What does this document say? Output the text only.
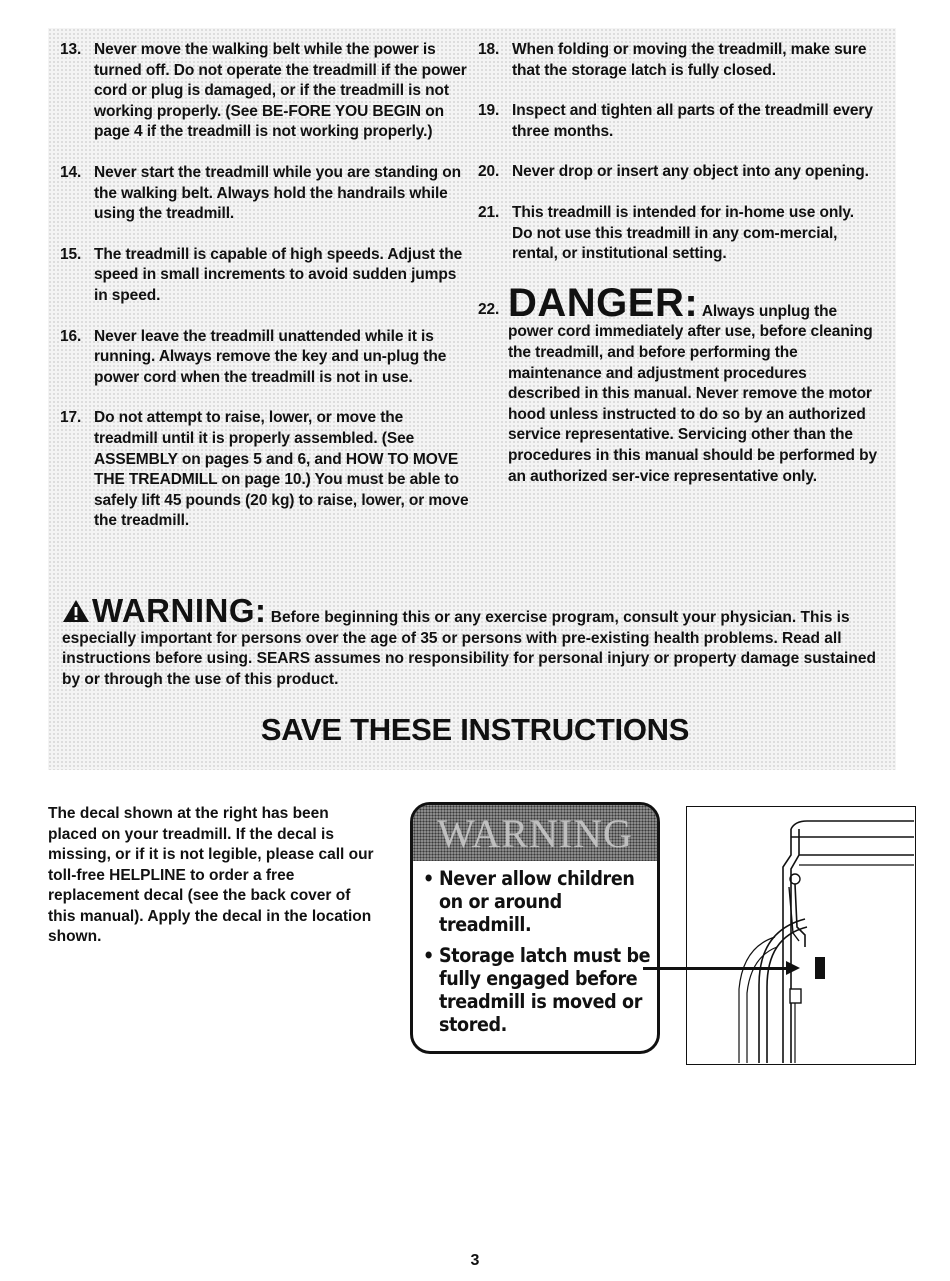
13. Never move the walking belt while the power is turned off. Do not operate the treadmill if the power cord or plug is damaged, or if the treadmill is not working properly. (See BE-FORE YOU BEGIN on page 4 if the treadmill is not working properly.)
14. Never start the treadmill while you are standing on the walking belt. Always hold the handrails while using the treadmill.
15. The treadmill is capable of high speeds. Adjust the speed in small increments to avoid sudden jumps in speed.
16. Never leave the treadmill unattended while it is running. Always remove the key and un-plug the power cord when the treadmill is not in use.
17. Do not attempt to raise, lower, or move the treadmill until it is properly assembled. (See ASSEMBLY on pages 5 and 6, and HOW TO MOVE THE TREADMILL on page 10.) You must be able to safely lift 45 pounds (20 kg) to raise, lower, or move the treadmill.
18. When folding or moving the treadmill, make sure that the storage latch is fully closed.
19. Inspect and tighten all parts of the treadmill every three months.
20. Never drop or insert any object into any opening.
21. This treadmill is intended for in-home use only. Do not use this treadmill in any com-mercial, rental, or institutional setting.
22. DANGER: Always unplug the power cord immediately after use, before cleaning the treadmill, and before performing the maintenance and adjustment procedures described in this manual. Never remove the motor hood unless instructed to do so by an authorized service representative. Servicing other than the procedures in this manual should be performed by an authorized ser-vice representative only.
WARNING: Before beginning this or any exercise program, consult your physician. This is especially important for persons over the age of 35 or persons with pre-existing health problems. Read all instructions before using. SEARS assumes no responsibility for personal injury or property damage sustained by or through the use of this product.
SAVE THESE INSTRUCTIONS
The decal shown at the right has been placed on your treadmill. If the decal is missing, or if it is not legible, please call our toll-free HELPLINE to order a free replacement decal (see the back cover of this manual). Apply the decal in the location shown.
WARNING
• Never allow children on or around treadmill.
• Storage latch must be fully engaged before treadmill is moved or stored.
3
